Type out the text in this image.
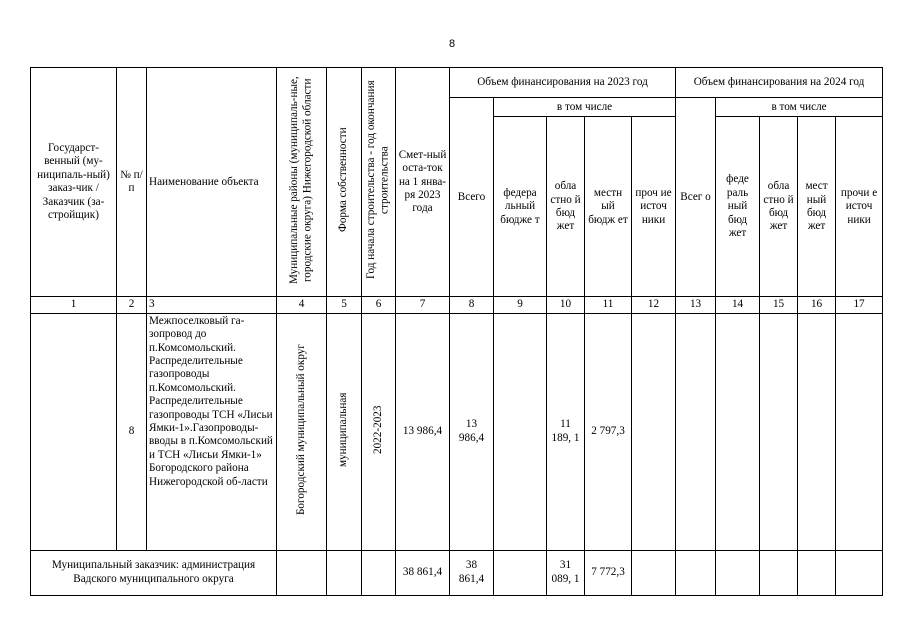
8
Государст-венный (му-ниципаль-ный) заказ-чик / Заказчик (за-стройщик)	№ п/п	Наименование объекта	Муниципальные районы (муниципаль-ные, городские округа) Нижегородской области	Форма собственности	Год начала строительства - год окончания строительства	Смет-ный оста-ток на 1 янва-ря 2023 года	Объем финансирования на 2023 год					Объем финансирования на 2024 год				
							Всего	в том числе				Всег о	в том числе			
								федера льный бюдже т	обла стно й бюд жет	местн ый бюдж ет	проч ие источ ники		феде раль ный бюд жет	обла стно й бюд жет	мест ный бюд жет	прочи е источ ники
1	2	3	4	5	6	7	8	9	10	11	12	13	14	15	16	17
	8	Межпоселковый га-зопровод до п.Комсомольский. Распределительные газопроводы п.Комсомольский. Распределительные газопроводы ТСН «Лисьи Ямки-1».Газопроводы-вводы в п.Комсомольский и ТСН «Лисьи Ямки-1» Богородского района Нижегородской об-ласти	Богородский муниципальный округ	муниципальная	2022-2023	13 986,4	13 986,4		11 189, 1	2 797,3						
Муниципальный заказчик: администрация Вадского муниципального округа						38 861,4	38 861,4		31 089, 1	7 772,3						
